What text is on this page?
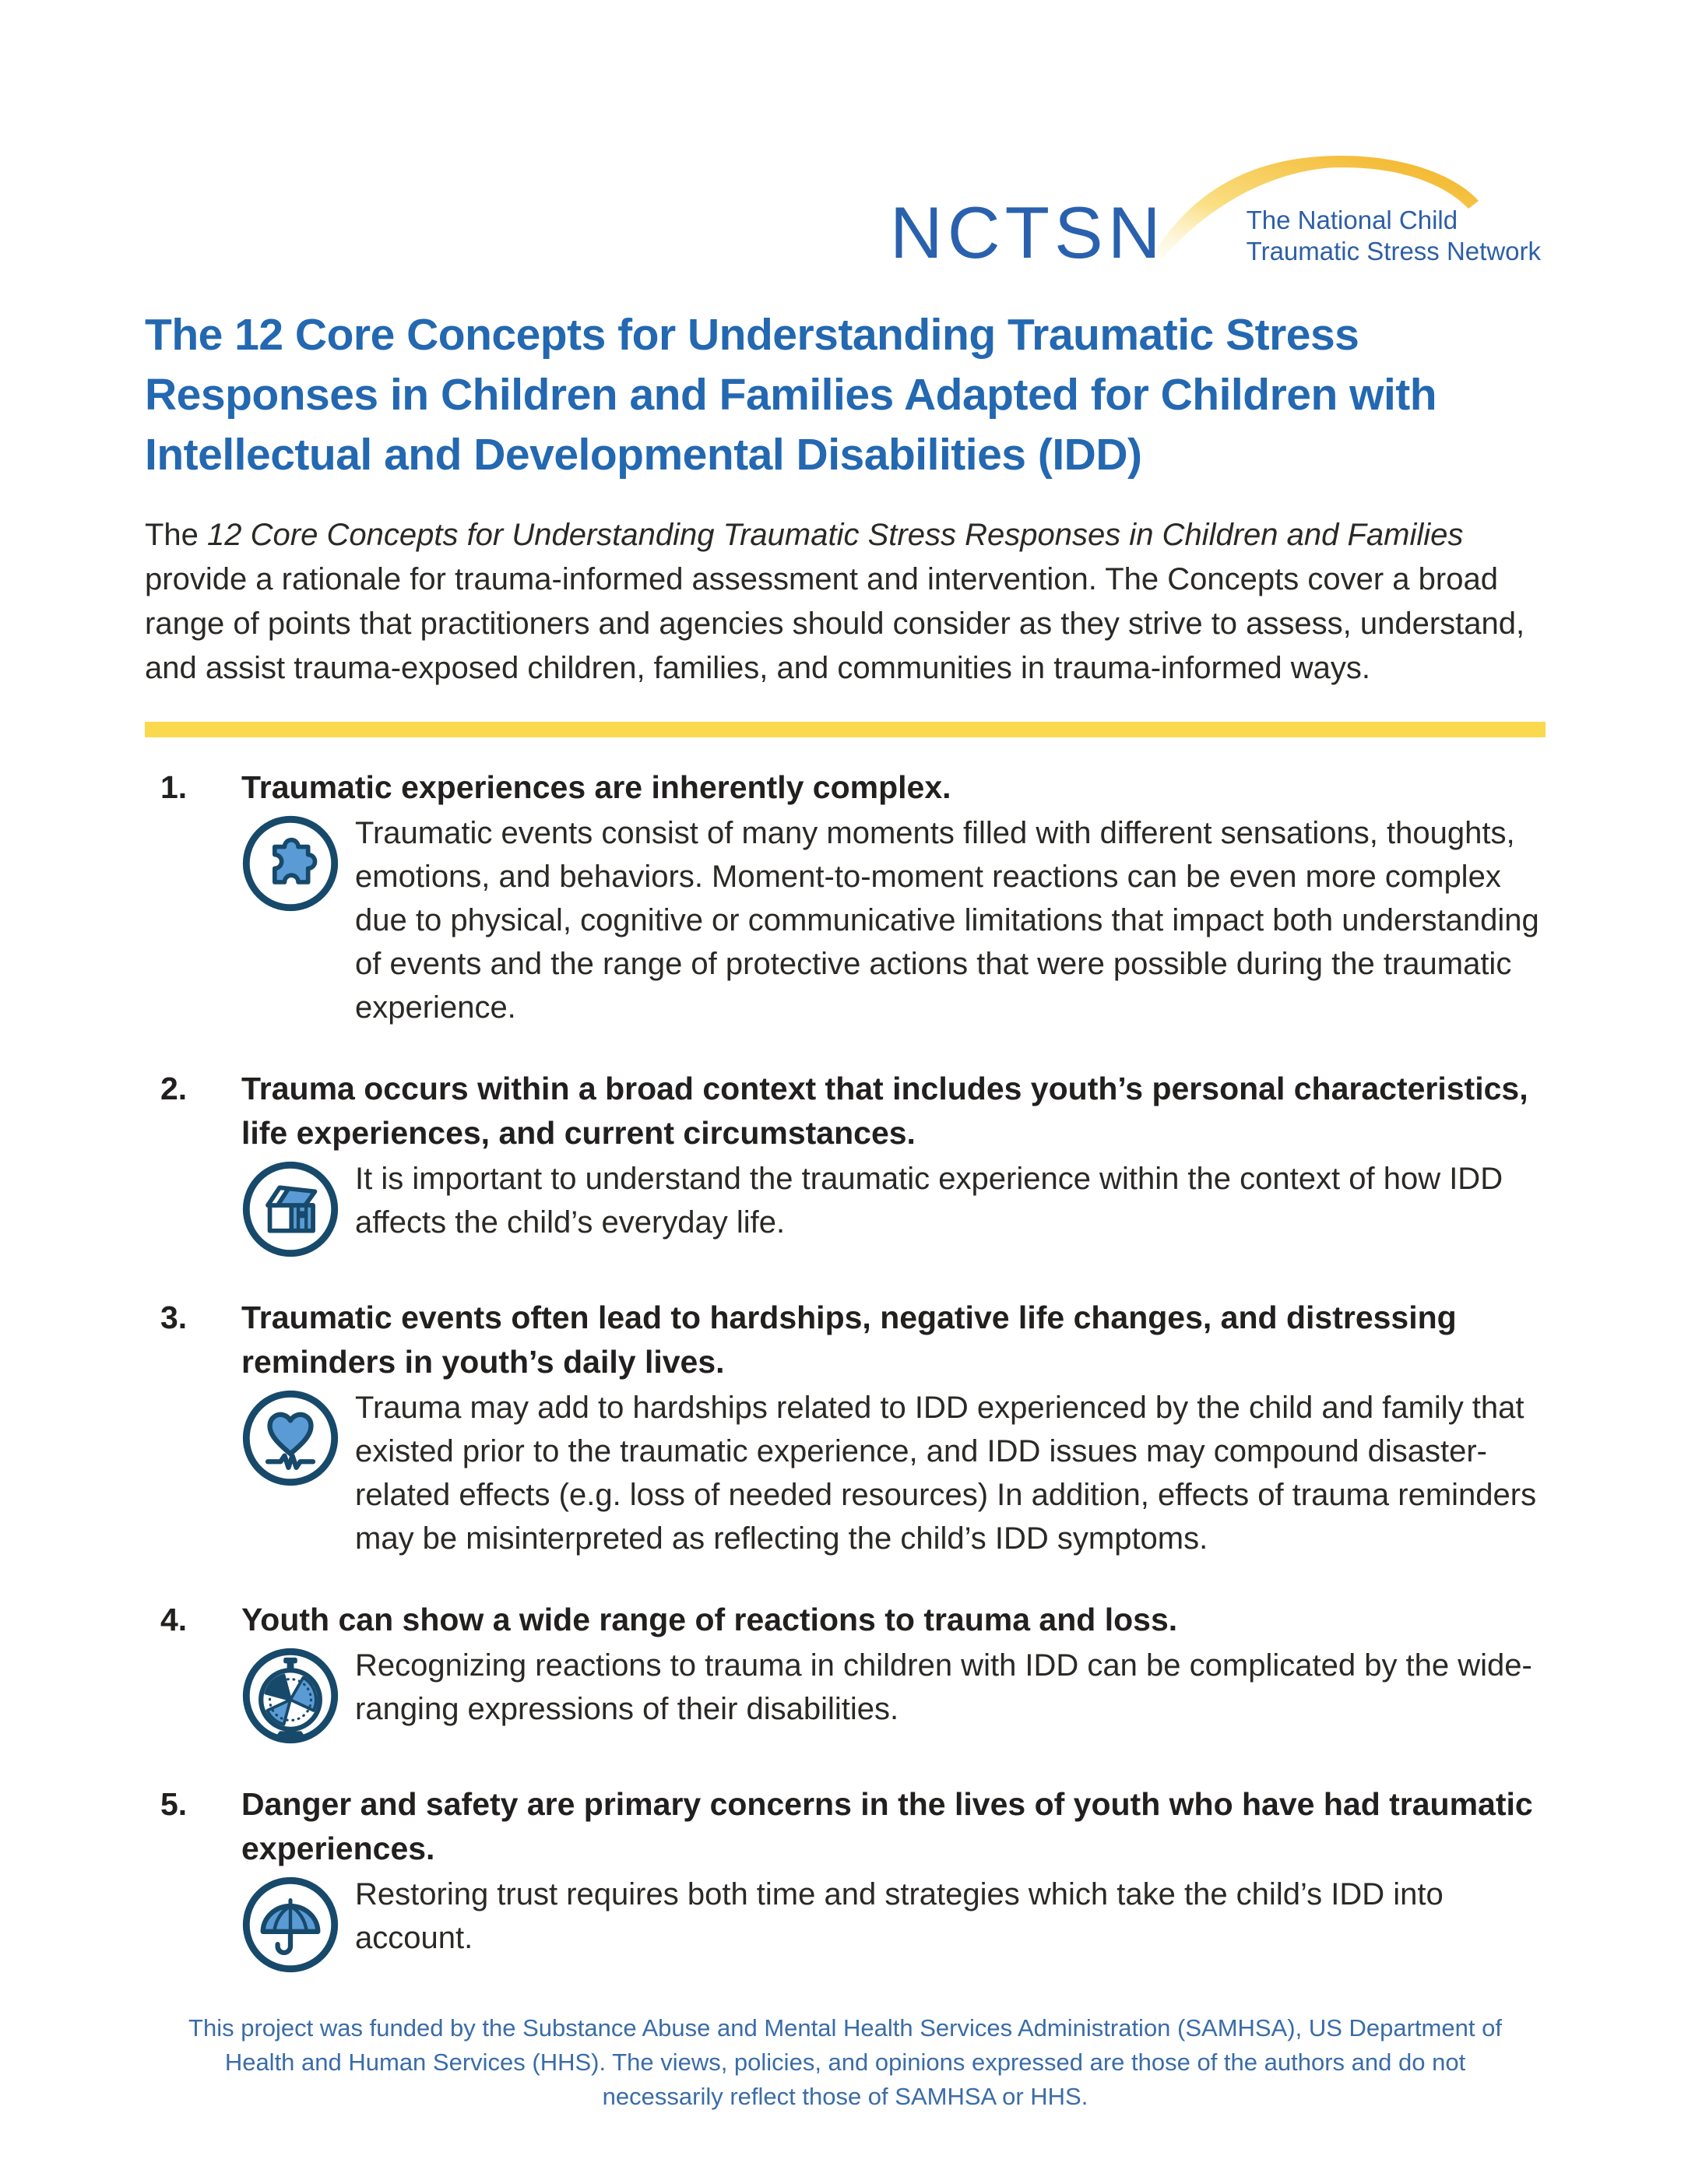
NCTSN	The National Child
Traumatic Stress Network
The 12 Core Concepts for Understanding Traumatic Stress Responses in Children and Families Adapted for Children with Intellectual and Developmental Disabilities (IDD)

The 12 Core Concepts for Understanding Traumatic Stress Responses in Children and Families provide a rationale for trauma-informed assessment and intervention. The Concepts cover a broad range of points that practitioners and agencies should consider as they strive to assess, understand, and assist trauma-exposed children, families, and communities in trauma-informed ways.

1.	Traumatic experiences are inherently complex.

Traumatic events consist of many moments filled with different sensations, thoughts, emotions, and behaviors. Moment-to-moment reactions can be even more complex due to physical, cognitive or communicative limitations that impact both understanding of events and the range of protective actions that were possible during the traumatic experience.

2.	Trauma occurs within a broad context that includes youth’s personal characteristics, life experiences, and current circumstances.

It is important to understand the traumatic experience within the context of how IDD affects the child’s everyday life.

3.	Traumatic events often lead to hardships, negative life changes, and distressing reminders in youth’s daily lives.

Trauma may add to hardships related to IDD experienced by the child and family that existed prior to the traumatic experience, and IDD issues may compound disaster-related effects (e.g. loss of needed resources) In addition, effects of trauma reminders may be misinterpreted as reflecting the child’s IDD symptoms.

4.	Youth can show a wide range of reactions to trauma and loss.

Recognizing reactions to trauma in children with IDD can be complicated by the wide-ranging expressions of their disabilities.

5.	Danger and safety are primary concerns in the lives of youth who have had traumatic experiences.

Restoring trust requires both time and strategies which take the child’s IDD into account.

This project was funded by the Substance Abuse and Mental Health Services Administration (SAMHSA), US Department of Health and Human Services (HHS). The views, policies, and opinions expressed are those of the authors and do not necessarily reflect those of SAMHSA or HHS.
